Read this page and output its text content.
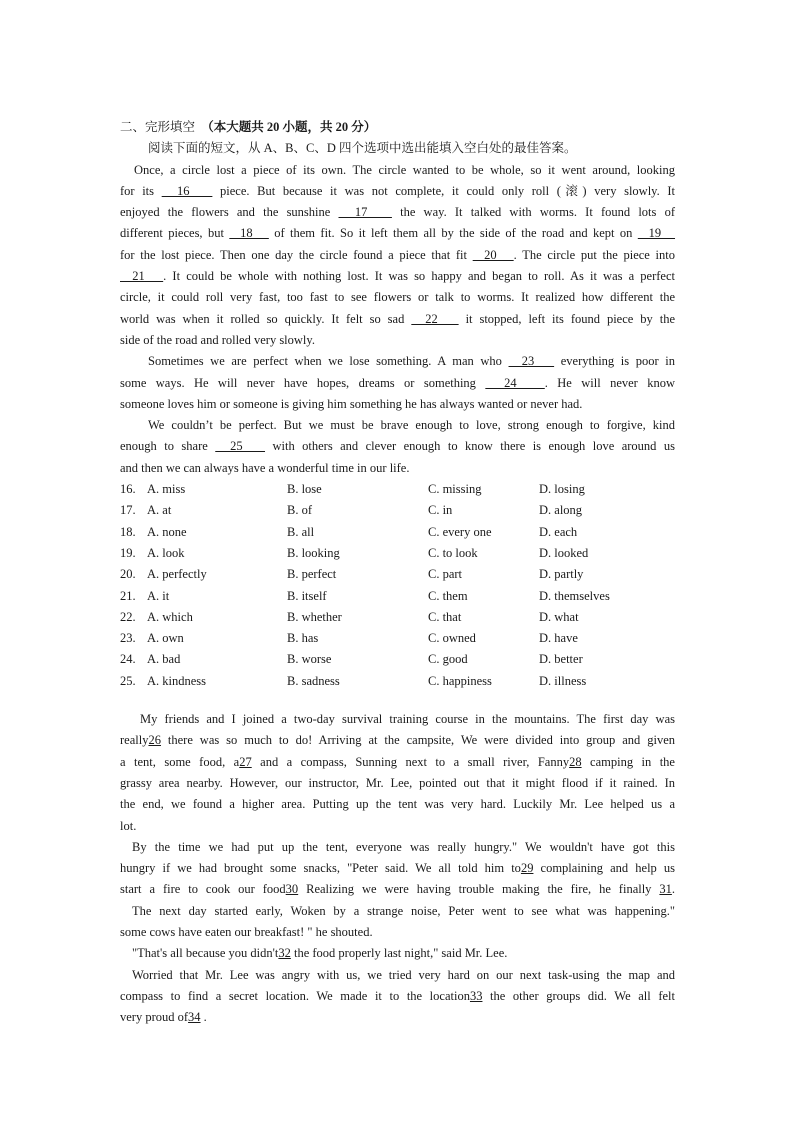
二、完形填空 （本大题共 20 小题，共 20 分）
阅读下面的短文，从 A、B、C、D 四个选项中选出能填入空白处的最佳答案。
Once, a circle lost a piece of its own. The circle wanted to be whole, so it went around, looking
for its   16    piece. But because it was not complete, it could only roll (滚) very slowly. It
enjoyed the flowers and the sunshine   17    the way. It talked with worms. It found lots of
different pieces, but   18    of them fit. So it left them all by the side of the road and kept on   19
for the lost piece. Then one day the circle found a piece that fit   20   . The circle put the piece into
21   . It could be whole with nothing lost. It was so happy and began to roll. As it was a perfect
circle, it could roll very fast, too fast to see flowers or talk to worms. It realized how different the
world was when it rolled so quickly. It felt so sad   22    it stopped, left its found piece by the
side of the road and rolled very slowly.
Sometimes we are perfect when we lose something. A man who   23    everything is poor in
some ways. He will never have hopes, dreams or something   24   . He will never know
someone loves him or someone is giving him something he has always wanted or never had.
We couldn’t be perfect. But we must be brave enough to love, strong enough to forgive, kind
enough to share   25    with others and clever enough to know there is enough love around us
and then we can always have a wonderful time in our life.
16. A. miss	B. lose	C. missing	D. losing
17. A. at	B. of	C. in	D. along
18. A. none	B. all	C. every one	D. each
19. A. look	B. looking	C. to look	D. looked
20. A. perfectly	B. perfect	C. part	D. partly
21. A. it	B. itself	C. them	D. themselves
22. A. which	B. whether	C. that	D. what
23. A. own	B. has	C. owned	D. have
24. A. bad	B. worse	C. good	D. better
25. A. kindness	B. sadness	C. happiness	D. illness
My friends and I joined a two-day survival training course in the mountains. The first day was
really26 there was so much to do! Arriving at the campsite, We were divided into group and given
a tent, some food, a27 and a compass, Sunning next to a small river, Fanny28 camping in the
grassy area nearby. However, our instructor, Mr. Lee, pointed out that it might flood if it rained. In
the end, we found a higher area. Putting up the tent was very hard. Luckily Mr. Lee helped us a
lot.
By the time we had put up the tent, everyone was really hungry." We wouldn't have got this
hungry if we had brought some snacks, "Peter said. We all told him to29 complaining and help us
start a fire to cook our food30 Realizing we were having trouble making the fire, he finally 31.
The next day started early, Woken by a strange noise, Peter went to see what was happening."
some cows have eaten our breakfast! " he shouted.
"That's all because you didn't32 the food properly last night," said Mr. Lee.
Worried that Mr. Lee was angry with us, we tried very hard on our next task-using the map and
compass to find a secret location. We made it to the location33 the other groups did. We all felt
very proud of34 .
